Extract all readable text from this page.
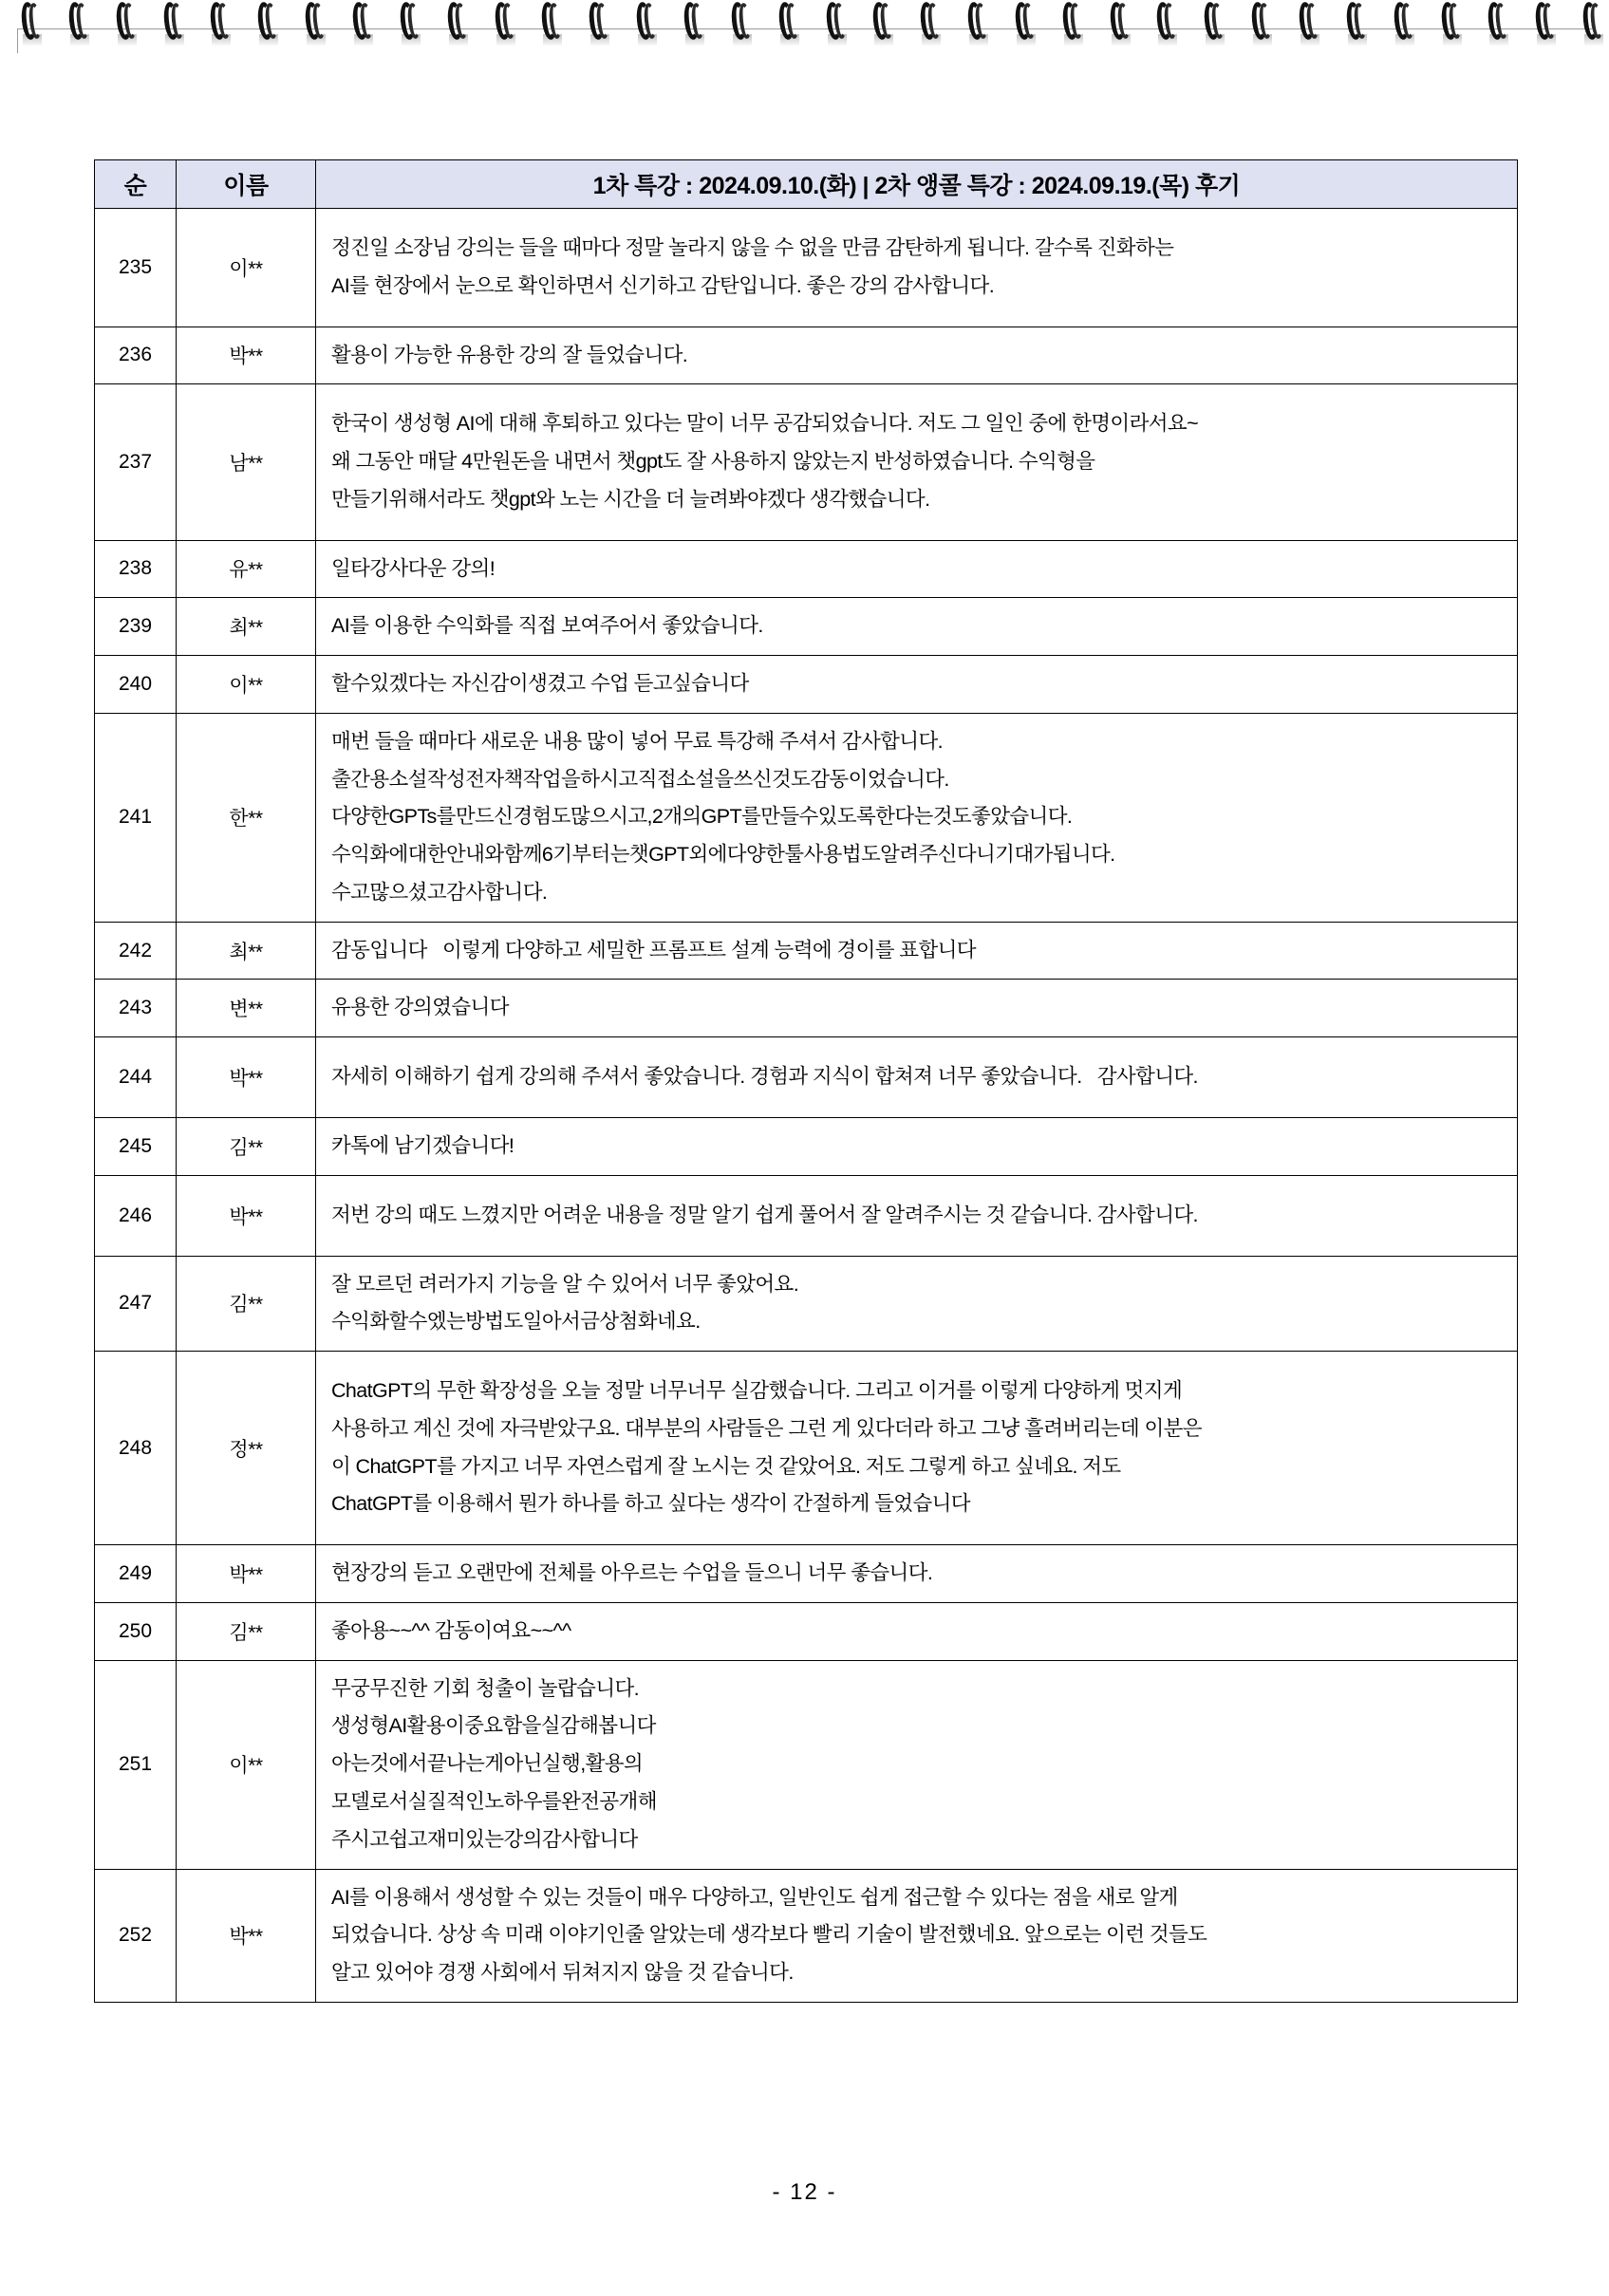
순	이름	1차 특강 : 2024.09.10.(화) | 2차 앵콜 특강 : 2024.09.19.(목) 후기
235	이**	정진일 소장님 강의는 들을 때마다 정말 놀라지 않을 수 없을 만큼 감탄하게 됩니다. 갈수록 진화하는
AI를 현장에서 눈으로 확인하면서 신기하고 감탄입니다. 좋은 강의 감사합니다.

236	박**	활용이 가능한 유용한 강의 잘 들었습니다.

237	남**	한국이 생성형 AI에 대해 후퇴하고 있다는 말이 너무 공감되었습니다. 저도 그 일인 중에 한명이라서요~
왜 그동안 매달 4만원돈을 내면서 챗gpt도 잘 사용하지 않았는지 반성하였습니다. 수익형을
만들기위해서라도 챗gpt와 노는 시간을 더 늘려봐야겠다 생각했습니다.

238	유**	일타강사다운 강의!

239	최**	AI를 이용한 수익화를 직접 보여주어서 좋았습니다.

240	이**	할수있겠다는 자신감이생겼고 수업 듣고싶습니다

241	한**	매번 들을 때마다 새로운 내용 많이 넣어 무료 특강해 주셔서 감사합니다.
출간용소설작성전자책작업을하시고직접소설을쓰신것도감동이었습니다.
다양한GPTs를만드신경험도많으시고,2개의GPT를만들수있도록한다는것도좋았습니다.
수익화에대한안내와함께6기부터는챗GPT외에다양한툴사용법도알려주신다니기대가됩니다.
수고많으셨고감사합니다.

242	최**	감동입니다   이렇게 다양하고 세밀한 프롬프트 설계 능력에 경이를 표합니다

243	변**	유용한 강의였습니다

244	박**	자세히 이해하기 쉽게 강의해 주셔서 좋았습니다. 경험과 지식이 합쳐져 너무 좋았습니다.   감사합니다.

245	김**	카톡에 남기겠습니다!

246	박**	저번 강의 때도 느꼈지만 어려운 내용을 정말 알기 쉽게 풀어서 잘 알려주시는 것 같습니다. 감사합니다.

247	김**	잘 모르던 려러가지 기능을 알 수 있어서 너무 좋았어요.
수익화할수엤는방법도일아서금상첨화네요.

248	정**	ChatGPT의 무한 확장성을 오늘 정말 너무너무 실감했습니다. 그리고 이거를 이렇게 다양하게 멋지게
사용하고 계신 것에 자극받았구요. 대부분의 사람들은 그런 게 있다더라 하고 그냥 흘려버리는데 이분은
이 ChatGPT를 가지고 너무 자연스럽게 잘 노시는 것 같았어요. 저도 그렇게 하고 싶네요. 저도
ChatGPT를 이용해서 뭔가 하나를 하고 싶다는 생각이 간절하게 들었습니다

249	박**	현장강의 듣고 오랜만에 전체를 아우르는 수업을 들으니 너무 좋습니다.

250	김**	좋아용~~^^ 감동이여요~~^^

251	이**	무궁무진한 기회 청출이 놀랍습니다.
생성형AI활용이중요함을실감해봅니다
아는것에서끝나는게아닌실행,활용의
모델로서실질적인노하우를완전공개해
주시고쉽고재미있는강의감사합니다

252	박**	AI를 이용해서 생성할 수 있는 것들이 매우 다양하고, 일반인도 쉽게 접근할 수 있다는 점을 새로 알게
되었습니다. 상상 속 미래 이야기인줄 알았는데 생각보다 빨리 기술이 발전했네요. 앞으로는 이런 것들도
알고 있어야 경쟁 사회에서 뒤쳐지지 않을 것 같습니다.
- 12 -
